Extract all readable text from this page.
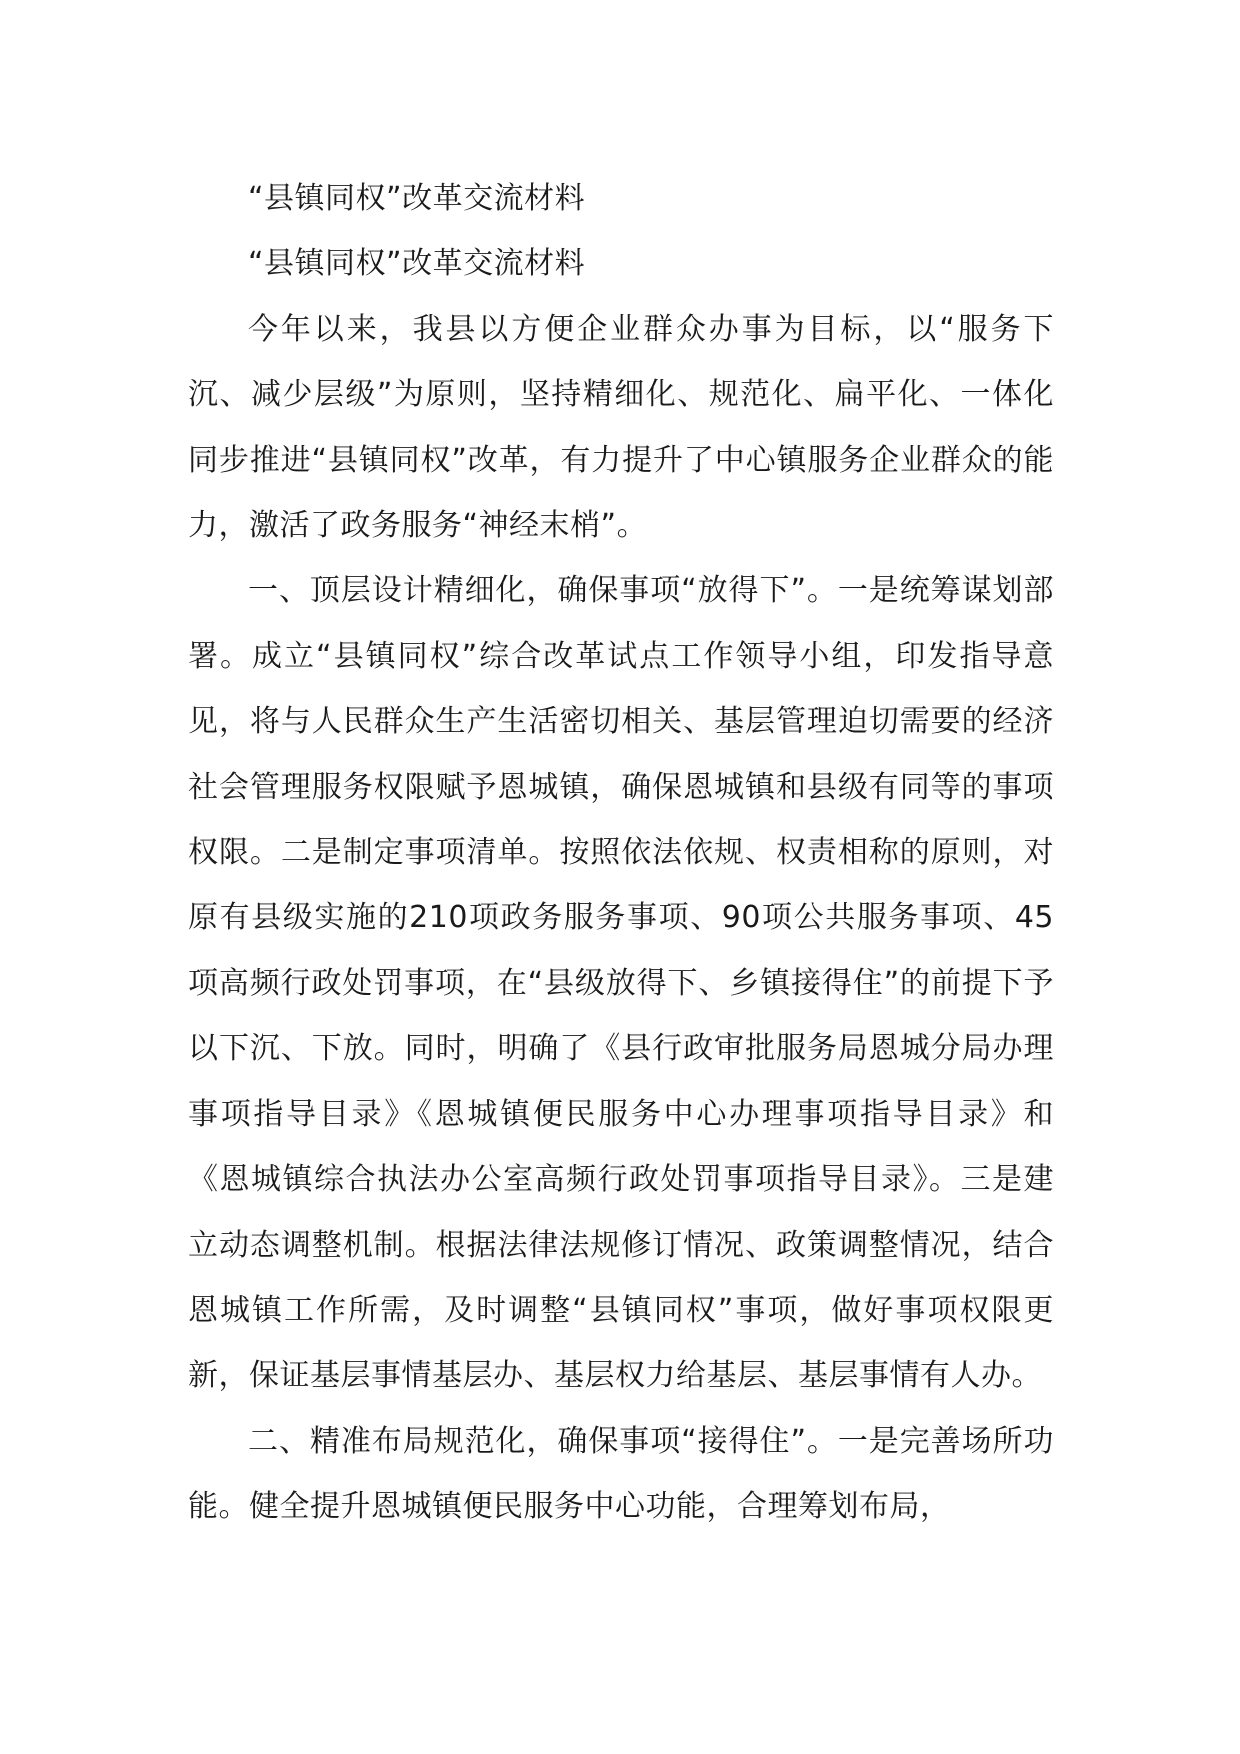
“县镇同权”改革交流材料

“县镇同权”改革交流材料

今年以来，我县以方便企业群众办事为目标，以“服务下沉、减少层级”为原则，坚持精细化、规范化、扁平化、一体化同步推进“县镇同权”改革，有力提升了中心镇服务企业群众的能力，激活了政务服务“神经末梢”。

一、顶层设计精细化，确保事项“放得下”。一是统筹谋划部署。成立“县镇同权”综合改革试点工作领导小组，印发指导意见，将与人民群众生产生活密切相关、基层管理迫切需要的经济社会管理服务权限赋予恩城镇，确保恩城镇和县级有同等的事项权限。二是制定事项清单。按照依法依规、权责相称的原则，对原有县级实施的210项政务服务事项、90项公共服务事项、45项高频行政处罚事项，在“县级放得下、乡镇接得住”的前提下予以下沉、下放。同时，明确了《县行政审批服务局恩城分局办理事项指导目录》《恩城镇便民服务中心办理事项指导目录》和《恩城镇综合执法办公室高频行政处罚事项指导目录》。三是建立动态调整机制。根据法律法规修订情况、政策调整情况，结合恩城镇工作所需，及时调整“县镇同权”事项，做好事项权限更新，保证基层事情基层办、基层权力给基层、基层事情有人办。

二、精准布局规范化，确保事项“接得住”。一是完善场所功能。健全提升恩城镇便民服务中心功能，合理筹划布局，
